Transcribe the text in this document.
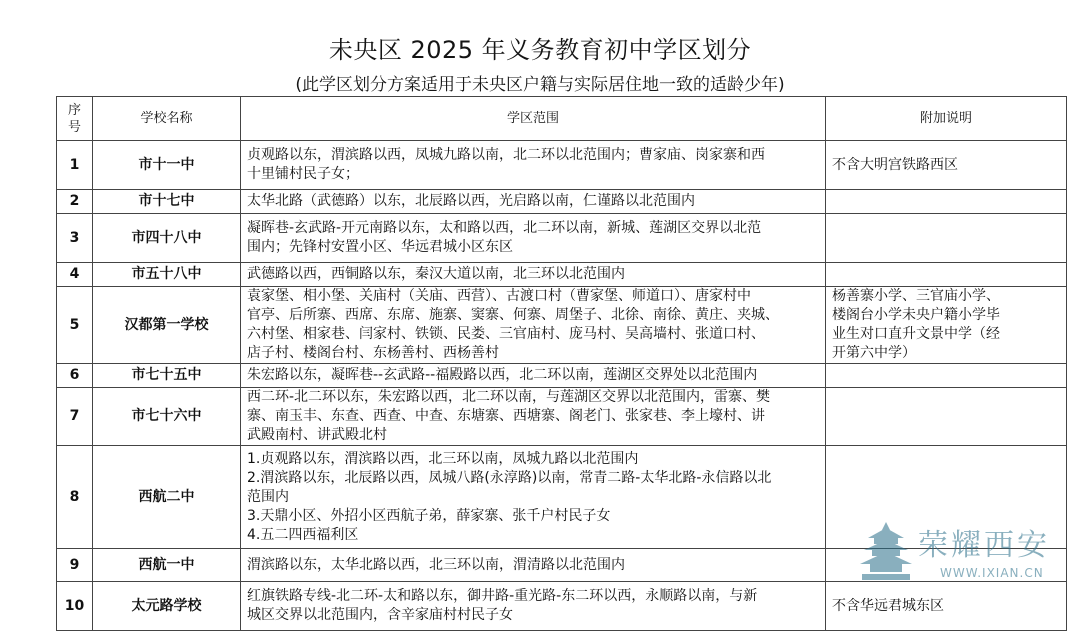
未央区 2025 年义务教育初中学区划分
(此学区划分方案适用于未央区户籍与实际居住地一致的适龄少年)
序
号	学校名称	学区范围	附加说明
1	市十一中	贞观路以东，渭滨路以西，凤城九路以南，北二环以北范围内；曹家庙、岗家寨和西
十里铺村民子女；	不含大明宫铁路西区

2	市十七中	太华北路（武德路）以东，北辰路以西，光启路以南，仁谨路以北范围内	

3	市四十八中	凝晖巷-玄武路-开元南路以东，太和路以西，北二环以南，新城、莲湖区交界以北范
围内；先锋村安置小区、华远君城小区东区	

4	市五十八中	武德路以西，西铜路以东，秦汉大道以南，北三环以北范围内	

5	汉都第一学校	袁家堡、相小堡、关庙村（关庙、西营）、古渡口村（曹家堡、师道口）、唐家村中
官亭、后所寨、西席、东席、施寨、窦寨、何寨、周堡子、北徐、南徐、黄庄、夹城、
六村堡、相家巷、闫家村、铁锁、民娄、三官庙村、庞马村、吴高墙村、张道口村、
店子村、楼阁台村、东杨善村、西杨善村	杨善寨小学、三官庙小学、
楼阁台小学未央户籍小学毕
业生对口直升文景中学（经
开第六中学）

6	市七十五中	朱宏路以东，凝晖巷--玄武路--福殿路以西，北二环以南，莲湖区交界处以北范围内	

7	市七十六中	西二环-北二环以东，朱宏路以西，北二环以南，与莲湖区交界以北范围内，雷寨、樊
寨、南玉丰、东查、西查、中查、东塘寨、西塘寨、阁老门、张家巷、李上壕村、讲
武殿南村、讲武殿北村	

8	西航二中	1.贞观路以东，渭滨路以西，北三环以南，凤城九路以北范围内
2.渭滨路以东，北辰路以西，凤城八路(永淳路)以南，常青二路-太华北路-永信路以北
范围内
3.天鼎小区、外招小区西航子弟，薛家寨、张千户村民子女
4.五二四西福利区	

9	西航一中	渭滨路以东，太华北路以西，北三环以南，渭清路以北范围内	

10	太元路学校	红旗铁路专线-北二环-太和路以东，御井路-重光路-东二环以西，永顺路以南，与新
城区交界以北范围内，含辛家庙村村民子女	不含华远君城东区
荣耀西安
WWW.IXIAN.CN
